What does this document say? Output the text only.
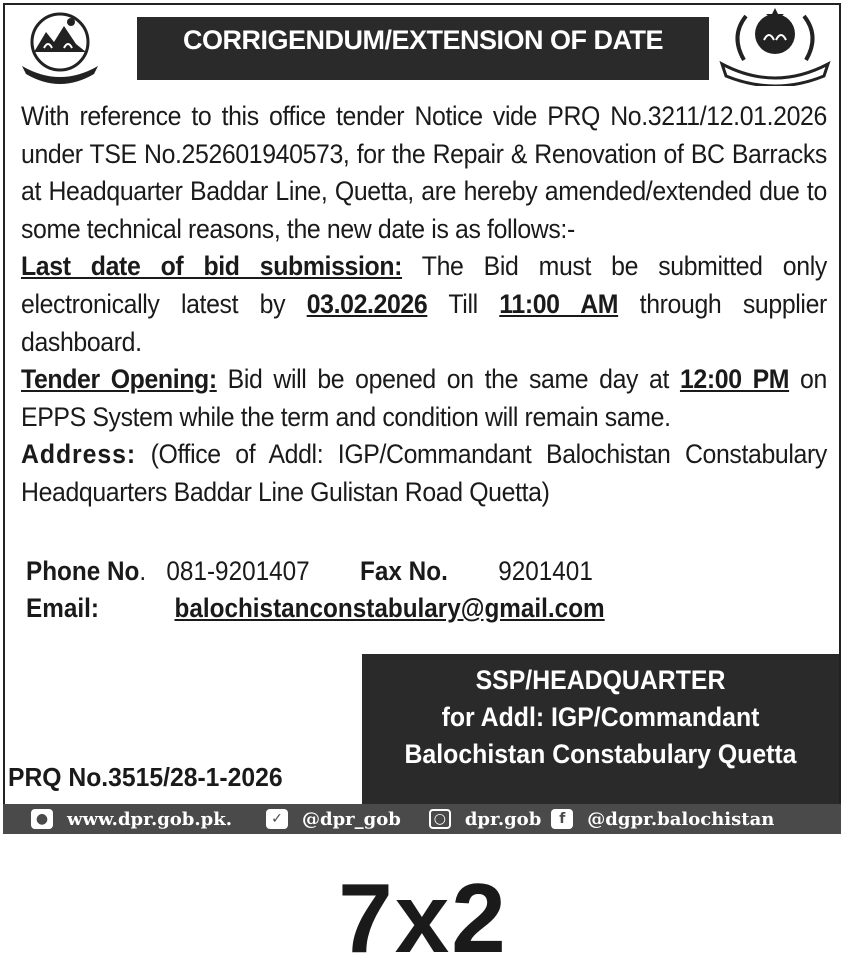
CORRIGENDUM/EXTENSION OF DATE
With reference to this office tender Notice vide PRQ No.3211/12.01.2026 under TSE No.252601940573, for the Repair & Renovation of BC Barracks at Headquarter Baddar Line, Quetta, are hereby amended/extended due to some technical reasons, the new date is as follows:-
Last date of bid submission: The Bid must be submitted only electronically latest by 03.02.2026 Till 11:00 AM through supplier dashboard.
Tender Opening: Bid will be opened on the same day at 12:00 PM on EPPS System while the term and condition will remain same.
Address: (Office of Addl: IGP/Commandant Balochistan Constabulary Headquarters Baddar Line Gulistan Road Quetta)
Phone No.   081-9201407 Fax No. 9201401
Email:	balochistanconstabulary@gmail.com
SSP/HEADQUARTER
for Addl: IGP/Commandant
Balochistan Constabulary Quetta
PRQ No.3515/28-1-2026
● www.dpr.gob.pk.	✓ @dpr_gob	○ dpr.gob	f	@dgpr.balochistan
7x2
